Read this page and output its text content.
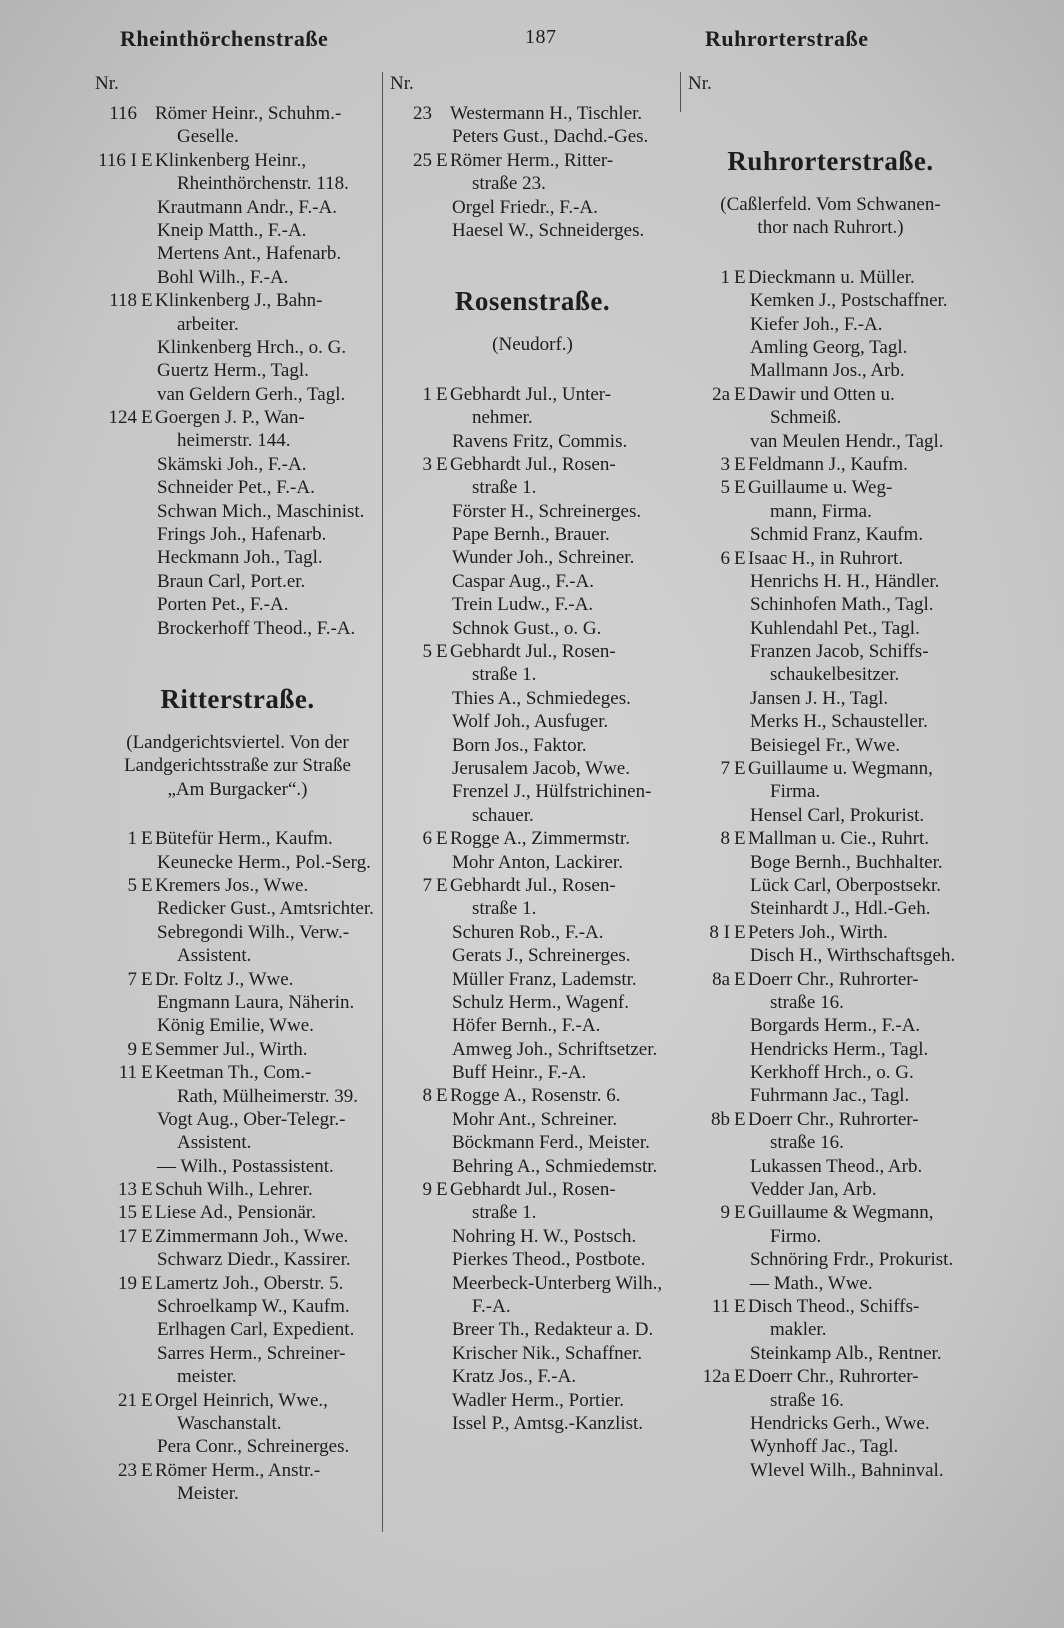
Rheinthörchenstraße	187	Ruhrorterstraße
Nr.
116 Römer Heinr., Schuhm.-
Geselle.
116 I E Klinkenberg Heinr.,
Rheinthörchenstr. 118.
Krautmann Andr., F.-A.
Kneip Matth., F.-A.
Mertens Ant., Hafenarb.
Bohl Wilh., F.-A.
118 E Klinkenberg J., Bahn-
arbeiter.
Klinkenberg Hrch., o. G.
Guertz Herm., Tagl.
van Geldern Gerh., Tagl.
124 E Goergen J. P., Wan-
heimerstr. 144.
Skämski Joh., F.-A.
Schneider Pet., F.-A.
Schwan Mich., Maschinist.
Frings Joh., Hafenarb.
Heckmann Joh., Tagl.
Braun Carl, Port.er.
Porten Pet., F.-A.
Brockerhoff Theod., F.-A.
Ritterstraße.
(Landgerichtsviertel. Von der
Landgerichtsstraße zur Straße
„Am Burgacker“.)
1 E Bütefür Herm., Kaufm.
Keunecke Herm., Pol.-Serg.
5 E Kremers Jos., Wwe.
Redicker Gust., Amtsrichter.
Sebregondi Wilh., Verw.-
Assistent.
7 E Dr. Foltz J., Wwe.
Engmann Laura, Näherin.
König Emilie, Wwe.
9 E Semmer Jul., Wirth.
11 E Keetman Th., Com.-
Rath, Mülheimerstr. 39.
Vogt Aug., Ober-Telegr.-
Assistent.
— Wilh., Postassistent.
13 E Schuh Wilh., Lehrer.
15 E Liese Ad., Pensionär.
17 E Zimmermann Joh., Wwe.
Schwarz Diedr., Kassirer.
19 E Lamertz Joh., Oberstr. 5.
Schroelkamp W., Kaufm.
Erlhagen Carl, Expedient.
Sarres Herm., Schreiner-
meister.
21 E Orgel Heinrich, Wwe.,
Waschanstalt.
Pera Conr., Schreinerges.
23 E Römer Herm., Anstr.-
Meister.
Nr.
23 Westermann H., Tischler.
Peters Gust., Dachd.-Ges.
25 E Römer Herm., Ritter-
straße 23.
Orgel Friedr., F.-A.
Haesel W., Schneiderges.
Rosenstraße.
(Neudorf.)
1 E Gebhardt Jul., Unter-
nehmer.
Ravens Fritz, Commis.
3 E Gebhardt Jul., Rosen-
straße 1.
Förster H., Schreinerges.
Pape Bernh., Brauer.
Wunder Joh., Schreiner.
Caspar Aug., F.-A.
Trein Ludw., F.-A.
Schnok Gust., o. G.
5 E Gebhardt Jul., Rosen-
straße 1.
Thies A., Schmiedeges.
Wolf Joh., Ausfuger.
Born Jos., Faktor.
Jerusalem Jacob, Wwe.
Frenzel J., Hülfstrichinen-
schauer.
6 E Rogge A., Zimmermstr.
Mohr Anton, Lackirer.
7 E Gebhardt Jul., Rosen-
straße 1.
Schuren Rob., F.-A.
Gerats J., Schreinerges.
Müller Franz, Lademstr.
Schulz Herm., Wagenf.
Höfer Bernh., F.-A.
Amweg Joh., Schriftsetzer.
Buff Heinr., F.-A.
8 E Rogge A., Rosenstr. 6.
Mohr Ant., Schreiner.
Böckmann Ferd., Meister.
Behring A., Schmiedemstr.
9 E Gebhardt Jul., Rosen-
straße 1.
Nohring H. W., Postsch.
Pierkes Theod., Postbote.
Meerbeck-Unterberg Wilh.,
F.-A.
Breer Th., Redakteur a. D.
Krischer Nik., Schaffner.
Kratz Jos., F.-A.
Wadler Herm., Portier.
Issel P., Amtsg.-Kanzlist.
Nr.
Ruhrorterstraße.
(Caßlerfeld. Vom Schwanen-
thor nach Ruhrort.)
1 E Dieckmann u. Müller.
Kemken J., Postschaffner.
Kiefer Joh., F.-A.
Amling Georg, Tagl.
Mallmann Jos., Arb.
2a E Dawir und Otten u.
Schmeiß.
van Meulen Hendr., Tagl.
3 E Feldmann J., Kaufm.
5 E Guillaume u. Weg-
mann, Firma.
Schmid Franz, Kaufm.
6 E Isaac H., in Ruhrort.
Henrichs H. H., Händler.
Schinhofen Math., Tagl.
Kuhlendahl Pet., Tagl.
Franzen Jacob, Schiffs-
schaukelbesitzer.
Jansen J. H., Tagl.
Merks H., Schausteller.
Beisiegel Fr., Wwe.
7 E Guillaume u. Wegmann,
Firma.
Hensel Carl, Prokurist.
8 E Mallman u. Cie., Ruhrt.
Boge Bernh., Buchhalter.
Lück Carl, Oberpostsekr.
Steinhardt J., Hdl.-Geh.
8 I E Peters Joh., Wirth.
Disch H., Wirthschaftsgeh.
8a E Doerr Chr., Ruhrorter-
straße 16.
Borgards Herm., F.-A.
Hendricks Herm., Tagl.
Kerkhoff Hrch., o. G.
Fuhrmann Jac., Tagl.
8b E Doerr Chr., Ruhrorter-
straße 16.
Lukassen Theod., Arb.
Vedder Jan, Arb.
9 E Guillaume & Wegmann,
Firmo.
Schnöring Frdr., Prokurist.
— Math., Wwe.
11 E Disch Theod., Schiffs-
makler.
Steinkamp Alb., Rentner.
12a E Doerr Chr., Ruhrorter-
straße 16.
Hendricks Gerh., Wwe.
Wynhoff Jac., Tagl.
Wlevel Wilh., Bahninval.
